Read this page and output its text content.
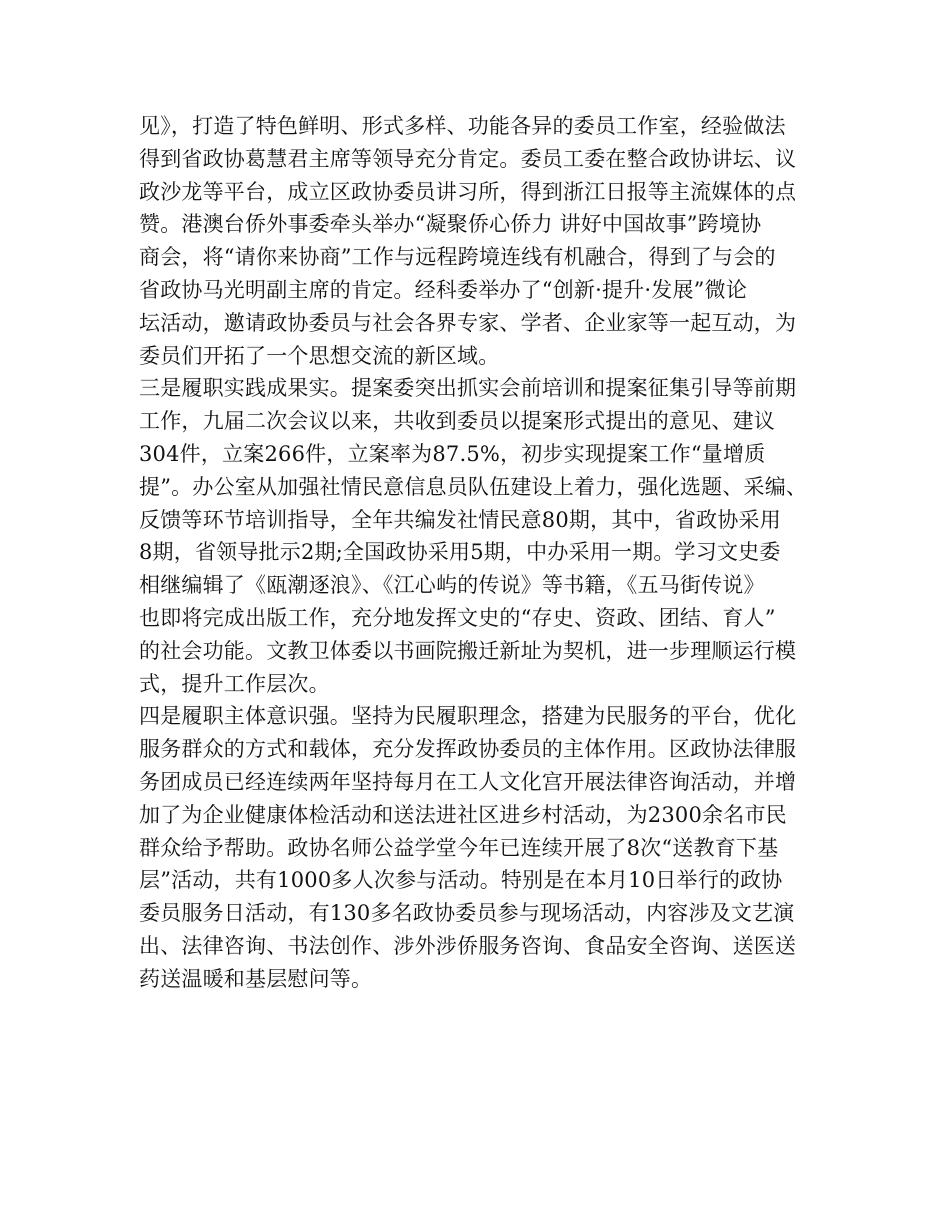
见》，打造了特色鲜明、形式多样、功能各异的委员工作室，经验做法
得到省政协葛慧君主席等领导充分肯定。委员工委在整合政协讲坛、议
政沙龙等平台，成立区政协委员讲习所，得到浙江日报等主流媒体的点
赞。港澳台侨外事委牵头举办“凝聚侨心侨力 讲好中国故事”跨境协
商会，将“请你来协商”工作与远程跨境连线有机融合，得到了与会的
省政协马光明副主席的肯定。经科委举办了“创新·提升·发展”微论
坛活动，邀请政协委员与社会各界专家、学者、企业家等一起互动，为
委员们开拓了一个思想交流的新区域。
三是履职实践成果实。提案委突出抓实会前培训和提案征集引导等前期
工作，九届二次会议以来，共收到委员以提案形式提出的意见、建议
304件，立案266件，立案率为87.5%，初步实现提案工作“量增质
提”。办公室从加强社情民意信息员队伍建设上着力，强化选题、采编、
反馈等环节培训指导，全年共编发社情民意80期，其中，省政协采用
8期，省领导批示2期;全国政协采用5期，中办采用一期。学习文史委
相继编辑了《瓯潮逐浪》、《江心屿的传说》等书籍，《五马街传说》
也即将完成出版工作，充分地发挥文史的“存史、资政、团结、育人”
的社会功能。文教卫体委以书画院搬迁新址为契机，进一步理顺运行模
式，提升工作层次。
四是履职主体意识强。坚持为民履职理念，搭建为民服务的平台，优化
服务群众的方式和载体，充分发挥政协委员的主体作用。区政协法律服
务团成员已经连续两年坚持每月在工人文化宫开展法律咨询活动，并增
加了为企业健康体检活动和送法进社区进乡村活动，为2300余名市民
群众给予帮助。政协名师公益学堂今年已连续开展了8次“送教育下基
层”活动，共有1000多人次参与活动。特别是在本月10日举行的政协
委员服务日活动，有130多名政协委员参与现场活动，内容涉及文艺演
出、法律咨询、书法创作、涉外涉侨服务咨询、食品安全咨询、送医送
药送温暖和基层慰问等。
